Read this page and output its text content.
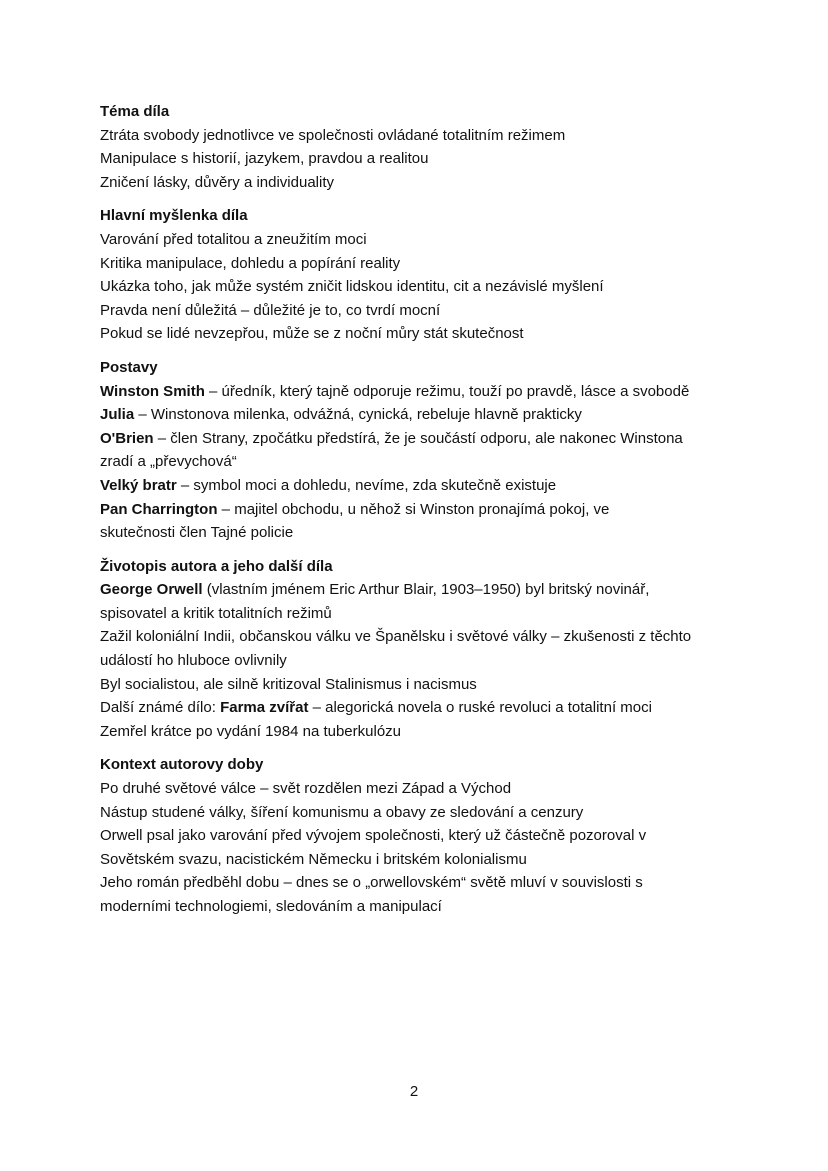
Téma díla

Ztráta svobody jednotlivce ve společnosti ovládané totalitním režimem

Manipulace s historií, jazykem, pravdou a realitou

Zničení lásky, důvěry a individuality

Hlavní myšlenka díla

Varování před totalitou a zneužitím moci

Kritika manipulace, dohledu a popírání reality

Ukázka toho, jak může systém zničit lidskou identitu, cit a nezávislé myšlení

Pravda není důležitá – důležité je to, co tvrdí mocní

Pokud se lidé nevzepřou, může se z noční můry stát skutečnost

Postavy

Winston Smith – úředník, který tajně odporuje režimu, touží po pravdě, lásce a svobodě

Julia – Winstonova milenka, odvážná, cynická, rebeluje hlavně prakticky

O'Brien – člen Strany, zpočátku předstírá, že je součástí odporu, ale nakonec Winstona

zradí a „převychová“

Velký bratr – symbol moci a dohledu, nevíme, zda skutečně existuje

Pan Charrington – majitel obchodu, u něhož si Winston pronajímá pokoj, ve

skutečnosti člen Tajné policie

Životopis autora a jeho další díla

George Orwell (vlastním jménem Eric Arthur Blair, 1903–1950) byl britský novinář,

spisovatel a kritik totalitních režimů

Zažil koloniální Indii, občanskou válku ve Španělsku i světové války – zkušenosti z těchto

událostí ho hluboce ovlivnily

Byl socialistou, ale silně kritizoval Stalinismus i nacismus

Další známé dílo: Farma zvířat – alegorická novela o ruské revoluci a totalitní moci

Zemřel krátce po vydání 1984 na tuberkulózu

Kontext autorovy doby

Po druhé světové válce – svět rozdělen mezi Západ a Východ

Nástup studené války, šíření komunismu a obavy ze sledování a cenzury

Orwell psal jako varování před vývojem společnosti, který už částečně pozoroval v

Sovětském svazu, nacistickém Německu i britském kolonialismu

Jeho román předběhl dobu – dnes se o „orwellovském“ světě mluví v souvislosti s

moderními technologiemi, sledováním a manipulací

2
